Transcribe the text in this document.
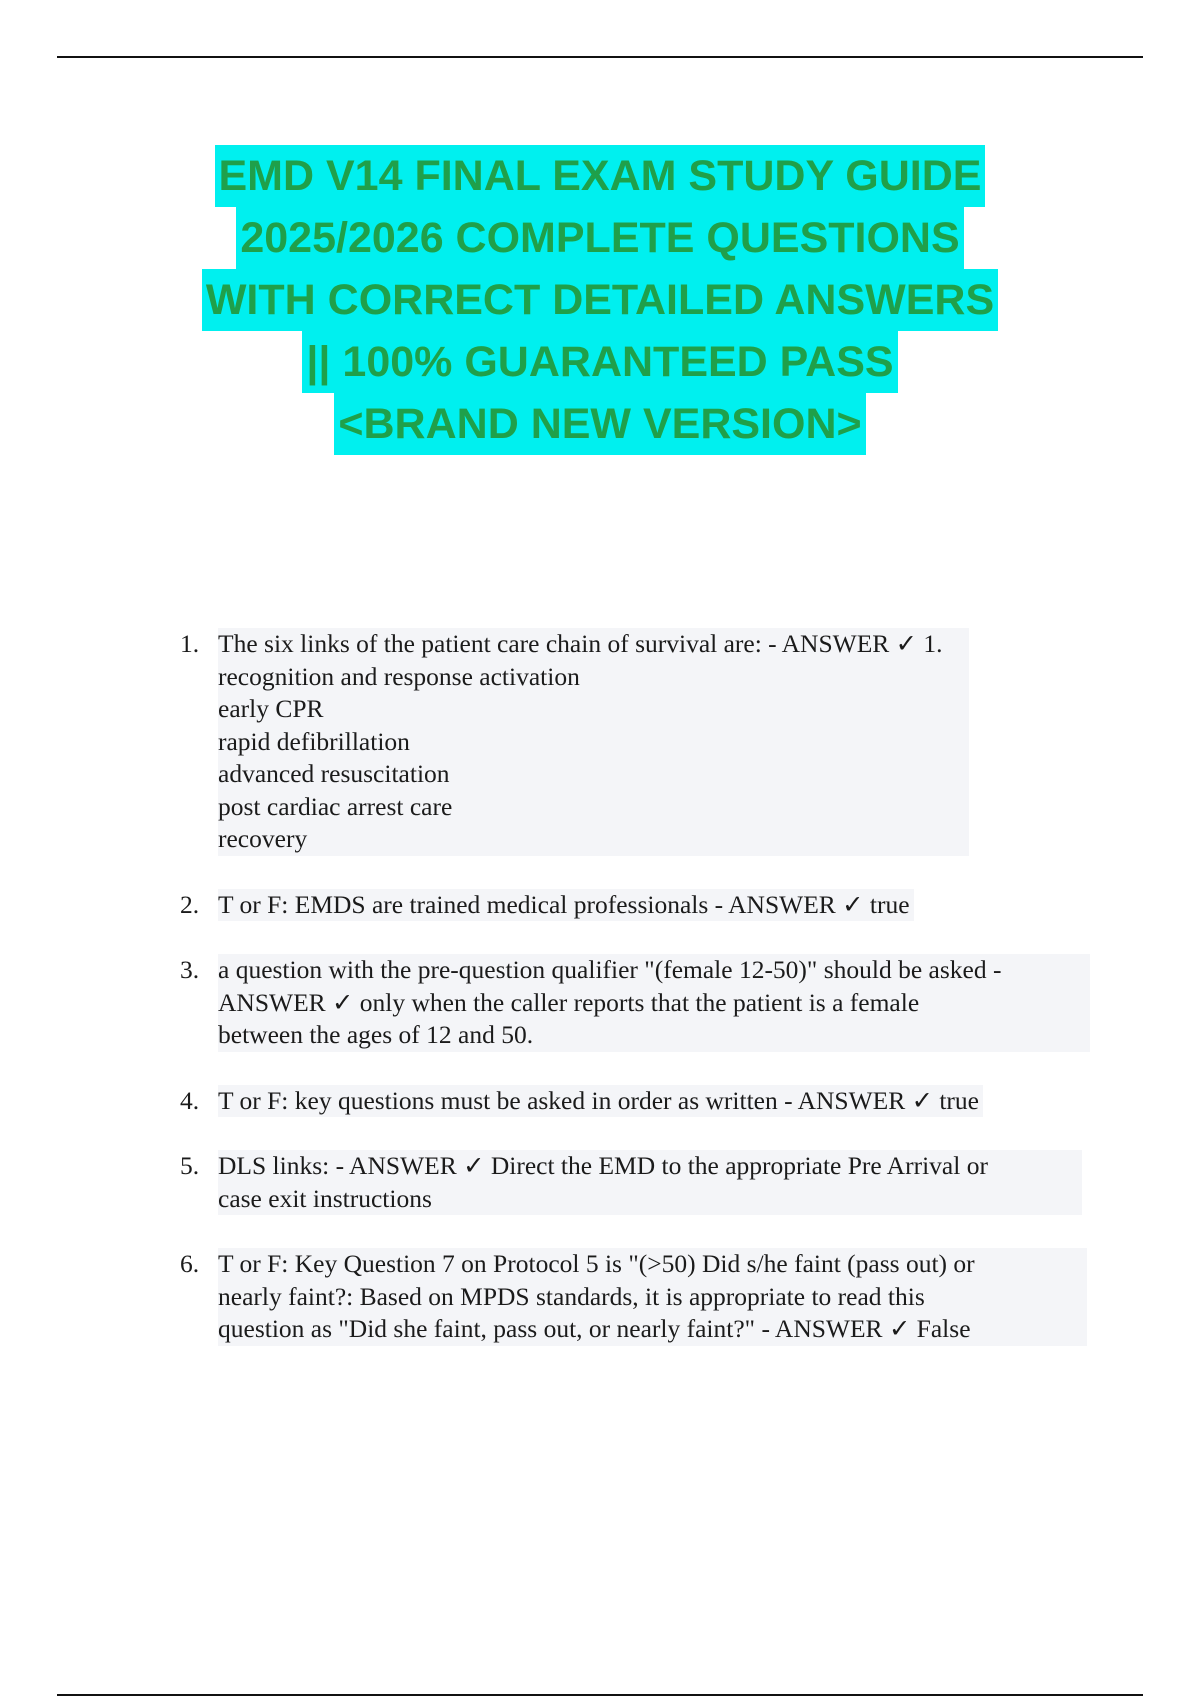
EMD V14 FINAL EXAM STUDY GUIDE
2025/2026 COMPLETE QUESTIONS
WITH CORRECT DETAILED ANSWERS
|| 100% GUARANTEED PASS
<BRAND NEW VERSION>
1. The six links of the patient care chain of survival are: - ANSWER ✓ 1.
recognition and response activation
early CPR
rapid defibrillation
advanced resuscitation
post cardiac arrest care
recovery
2. T or F: EMDS are trained medical professionals - ANSWER ✓ true
3. a question with the pre-question qualifier "(female 12-50)" should be asked -
ANSWER ✓ only when the caller reports that the patient is a female
between the ages of 12 and 50.
4. T or F: key questions must be asked in order as written - ANSWER ✓ true
5. DLS links: - ANSWER ✓ Direct the EMD to the appropriate Pre Arrival or
case exit instructions
6. T or F: Key Question 7 on Protocol 5 is "(>50) Did s/he faint (pass out) or
nearly faint?: Based on MPDS standards, it is appropriate to read this
question as "Did she faint, pass out, or nearly faint?" - ANSWER ✓ False
